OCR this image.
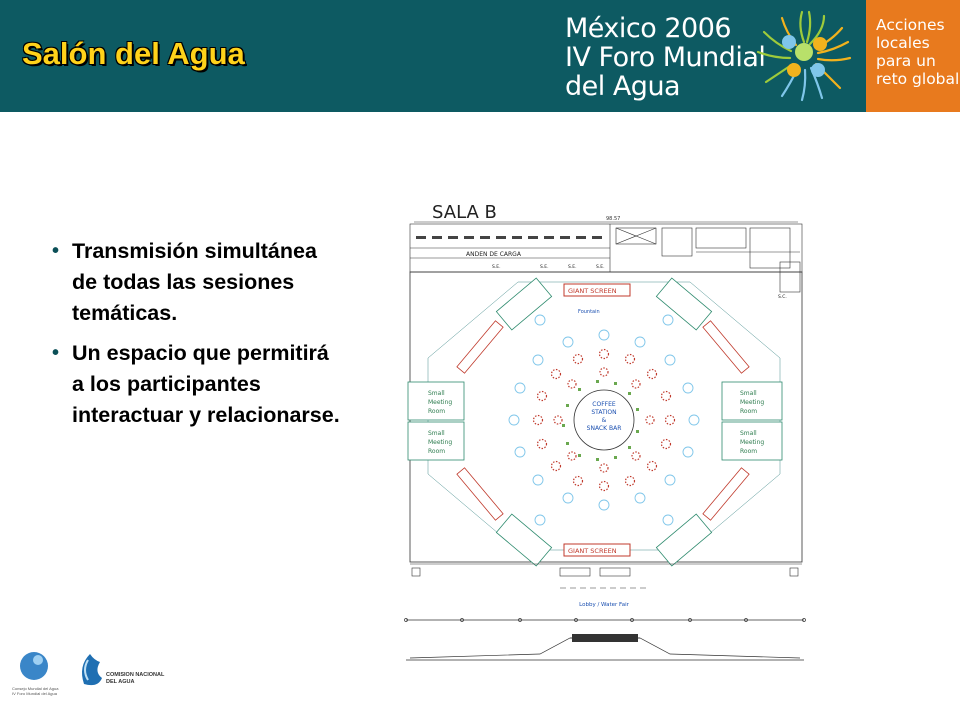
Salón del Agua
México 2006
IV Foro Mundial
del Agua
Acciones
locales
para un
reto global
• Transmisión simultánea de todas las sesiones temáticas.
• Un espacio que permitirá a los participantes interactuar y relacionarse.
SALA B	98.57
ANDEN DE CARGA
S.E.	S.E.	S.E.	S.E.
S.C.
Small
Meeting
Room
Small
Meeting
Room
Small
Meeting
Room
Small
Meeting
Room
GIANT SCREEN
Fountain
GIANT SCREEN
COFFEE
STATION
&
SNACK BAR
Lobby / Water Fair
Consejo Mundial del Agua
IV Foro Mundial del Agua
COMISION NACIONAL
DEL AGUA
